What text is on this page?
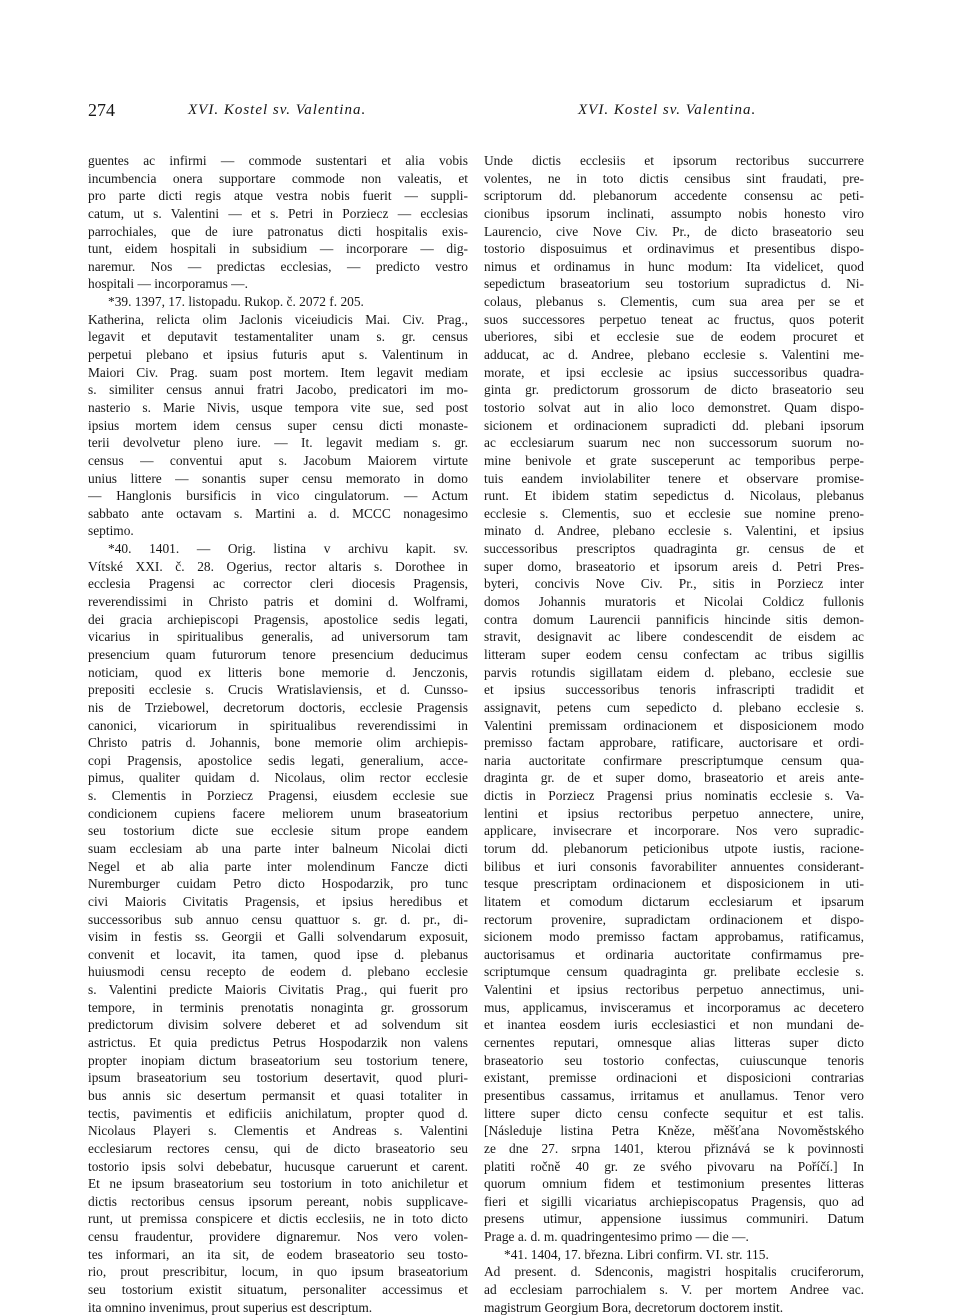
274	XVI. Kostel sv. Valentina.	XVI. Kostel sv. Valentina.
guentes ac infirmi — commode sustentari et alia vobis
incumbencia onera supportare commode non valeatis, et
pro parte dicti regis atque vestra nobis fuerit — suppli-
catum, ut s. Valentini — et s. Petri in Porziecz — ecclesias
parrochiales, que de iure patronatus dicti hospitalis exis-
tunt, eidem hospitali in subsidium — incorporare — dig-
naremur. Nos — predictas ecclesias, — predicto vestro
hospitali — incorporamus —.
*39. 1397, 17. listopadu. Rukop. č. 2072 f. 205.
Katherina, relicta olim Jaclonis viceiudicis Mai. Civ. Prag.,
legavit et deputavit testamentaliter unam s. gr. census
perpetui plebano et ipsius futuris aput s. Valentinum in
Maiori Civ. Prag. suam post mortem. Item legavit mediam
s. similiter census annui fratri Jacobo, predicatori im mo-
nasterio s. Marie Nivis, usque tempora vite sue, sed post
ipsius mortem idem census super censu dicti monaste-
terii devolvetur pleno iure. — It. legavit mediam s. gr.
census — conventui aput s. Jacobum Maiorem virtute
unius littere — sonantis super censu memorato in domo
— Hanglonis bursificis in vico cingulatorum. — Actum
sabbato ante octavam s. Martini a. d. MCCC nonagesimo
septimo.
*40. 1401. — Orig. listina v archivu kapit. sv.
Vítské XXI. č. 28. Ogerius, rector altaris s. Dorothee in
ecclesia Pragensi ac corrector cleri diocesis Pragensis,
reverendissimi in Christo patris et domini d. Wolframi,
dei gracia archiepiscopi Pragensis, apostolice sedis legati,
vicarius in spiritualibus generalis, ad universorum tam
presencium quam futurorum tenore presencium deducimus
noticiam, quod ex litteris bone memorie d. Jenczonis,
prepositi ecclesie s. Crucis Wratislaviensis, et d. Cunsso-
nis de Trziebowel, decretorum doctoris, ecclesie Pragensis
canonici, vicariorum in spiritualibus reverendissimi in
Christo patris d. Johannis, bone memorie olim archiepis-
copi Pragensis, apostolice sedis legati, generalium, acce-
pimus, qualiter quidam d. Nicolaus, olim rector ecclesie
s. Clementis in Porziecz Pragensi, eiusdem ecclesie sue
condicionem cupiens facere meliorem unum braseatorium
seu tostorium dicte sue ecclesie situm prope eandem
suam ecclesiam ab una parte inter balneum Nicolai dicti
Negel et ab alia parte inter molendinum Fancze dicti
Nuremburger cuidam Petro dicto Hospodarzik, pro tunc
civi Maioris Civitatis Pragensis, et ipsius heredibus et
successoribus sub annuo censu quattuor s. gr. d. pr., di-
visim in festis ss. Georgii et Galli solvendarum exposuit,
convenit et locavit, ita tamen, quod ipse d. plebanus
huiusmodi censu recepto de eodem d. plebano ecclesie
s. Valentini predicte Maioris Civitatis Prag., qui fuerit pro
tempore, in terminis prenotatis nonaginta gr. grossorum
predictorum divisim solvere deberet et ad solvendum sit
astrictus. Et quia predictus Petrus Hospodarzik non valens
propter inopiam dictum braseatorium seu tostorium tenere,
ipsum braseatorium seu tostorium desertavit, quod pluri-
bus annis sic desertum permansit et quasi totaliter in
tectis, pavimentis et edificiis anichilatum, propter quod d.
Nicolaus Playeri s. Clementis et Andreas s. Valentini
ecclesiarum rectores censu, qui de dicto braseatorio seu
tostorio ipsis solvi debebatur, hucusque caruerunt et carent.
Et ne ipsum braseatorium seu tostorium in toto anichiletur et
dictis rectoribus census ipsorum pereant, nobis supplicave-
runt, ut premissa conspicere et dictis ecclesiis, ne in toto dicto
censu fraudentur, providere dignaremur. Nos vero volen-
tes informari, an ita sit, de eodem braseatorio seu tosto-
rio, prout prescribitur, locum, in quo ipsum braseatorium
seu tostorium existit situatum, personaliter accessimus et
ita omnino invenimus, prout superius est descriptum.
Unde dictis ecclesiis et ipsorum rectoribus succurrere
volentes, ne in toto dictis censibus sint fraudati, pre-
scriptorum dd. plebanorum accedente consensu ac peti-
cionibus ipsorum inclinati, assumpto nobis honesto viro
Laurencio, cive Nove Civ. Pr., de dicto braseatorio seu
tostorio disposuimus et ordinavimus et presentibus dispo-
nimus et ordinamus in hunc modum: Ita videlicet, quod
sepedictum braseatorium seu tostorium supradictus d. Ni-
colaus, plebanus s. Clementis, cum sua area per se et
suos successores perpetuo teneat ac fructus, quos poterit
uberiores, sibi et ecclesie sue de eodem procuret et
adducat, ac d. Andree, plebano ecclesie s. Valentini me-
morate, et ipsi ecclesie ac ipsius successoribus quadra-
ginta gr. predictorum grossorum de dicto braseatorio seu
tostorio solvat aut in alio loco demonstret. Quam dispo-
sicionem et ordinacionem supradicti dd. plebani ipsorum
ac ecclesiarum suarum nec non successorum suorum no-
mine benivole et grate susceperunt ac temporibus perpe-
tuis eandem inviolabiliter tenere et observare promise-
runt. Et ibidem statim sepedictus d. Nicolaus, plebanus
ecclesie s. Clementis, suo et ecclesie sue nomine preno-
minato d. Andree, plebano ecclesie s. Valentini, et ipsius
successoribus prescriptos quadraginta gr. census de et
super domo, braseatorio et ipsorum areis d. Petri Pres-
byteri, concivis Nove Civ. Pr., sitis in Porziecz inter
domos Johannis muratoris et Nicolai Coldicz fullonis
contra domum Laurencii pannificis hincinde sitis demon-
stravit, designavit ac libere condescendit de eisdem ac
litteram super eodem censu confectam ac tribus sigillis
parvis rotundis sigillatam eidem d. plebano, ecclesie sue
et ipsius successoribus tenoris infrascripti tradidit et
assignavit, petens cum sepedicto d. plebano ecclesie s.
Valentini premissam ordinacionem et disposicionem modo
premisso factam approbare, ratificare, auctorisare et ordi-
naria auctoritate confirmare prescriptumque censum qua-
draginta gr. de et super domo, braseatorio et areis ante-
dictis in Porziecz Pragensi prius nominatis ecclesie s. Va-
lentini et ipsius rectoribus perpetuo annectere, unire,
applicare, invisecrare et incorporare. Nos vero supradic-
torum dd. plebanorum peticionibus utpote iustis, racione-
bilibus et iuri consonis favorabiliter annuentes considerant-
tesque prescriptam ordinacionem et disposicionem in uti-
litatem et comodum dictarum ecclesiarum et ipsarum
rectorum provenire, supradictam ordinacionem et dispo-
sicionem modo premisso factam approbamus, ratificamus,
auctorisamus et ordinaria auctoritate confirmamus pre-
scriptumque censum quadraginta gr. prelibate ecclesie s.
Valentini et ipsius rectoribus perpetuo annectimus, uni-
mus, applicamus, invisceramus et incorporamus ac decetero
et inantea eosdem iuris ecclesiastici et non mundani de-
cernentes reputari, omnesque alias litteras super dicto
braseatorio seu tostorio confectas, cuiuscunque tenoris
existant, premisse ordinacioni et disposicioni contrarias
presentibus cassamus, irritamus et anullamus. Tenor vero
littere super dicto censu confecte sequitur et est talis.
[Následuje listina Petra Kněze, měšťana Novoměstského
ze dne 27. srpna 1401, kterou přiznává se k povinnosti
platiti ročně 40 gr. ze svého pivovaru na Poříčí.] In
quorum omnium fidem et testimonium presentes litteras
fieri et sigilli vicariatus archiepiscopatus Pragensis, quo ad
presens utimur, appensione iussimus communiri. Datum
Prage a. d. m. quadringentesimo primo — die —.
*41. 1404, 17. března. Libri confirm. VI. str. 115.
Ad present. d. Sdenconis, magistri hospitalis cruciferorum,
ad ecclesiam parrochialem s. V. per mortem Andree vac.
magistrum Georgium Bora, decretorum doctorem instit.
